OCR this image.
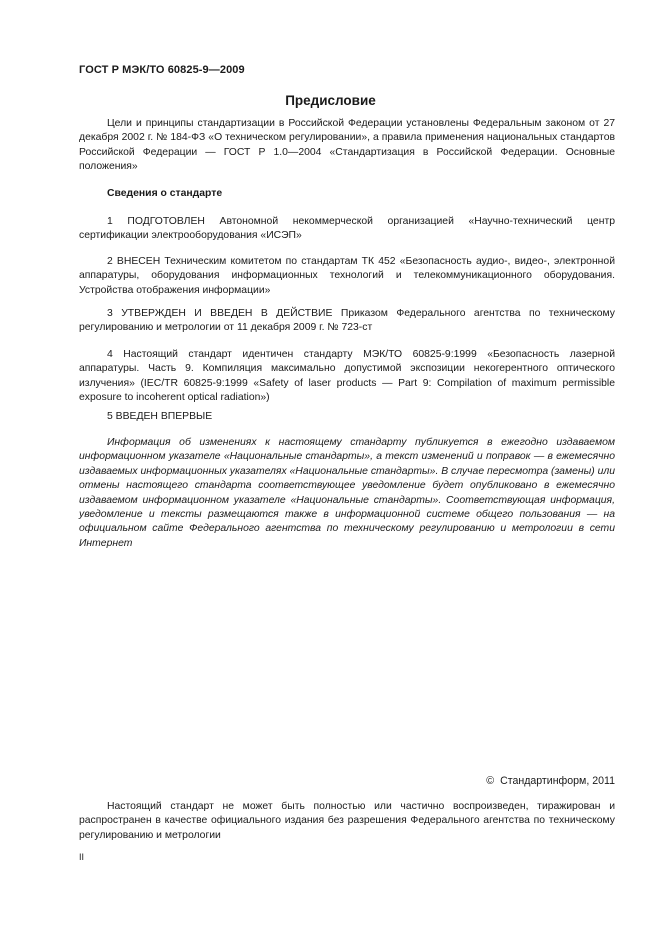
ГОСТ Р МЭК/ТО 60825-9—2009
Предисловие

Цели и принципы стандартизации в Российской Федерации установлены Федеральным законом от 27 декабря 2002 г. № 184-ФЗ «О техническом регулировании», а правила применения национальных стандартов Российской Федерации — ГОСТ Р 1.0—2004 «Стандартизация в Российской Федерации. Основные положения»

Сведения о стандарте

1 ПОДГОТОВЛЕН Автономной некоммерческой организацией «Научно-технический центр сертификации электрооборудования «ИСЭП»

2 ВНЕСЕН Техническим комитетом по стандартам ТК 452 «Безопасность аудио-, видео-, электронной аппаратуры, оборудования информационных технологий и телекоммуникационного оборудования. Устройства отображения информации»

3 УТВЕРЖДЕН И ВВЕДЕН В ДЕЙСТВИЕ Приказом Федерального агентства по техническому регулированию и метрологии от 11 декабря 2009 г. № 723-ст

4 Настоящий стандарт идентичен стандарту МЭК/ТО 60825-9:1999 «Безопасность лазерной аппаратуры. Часть 9. Компиляция максимально допустимой экспозиции некогерентного оптического излучения» (IEC/TR 60825-9:1999 «Safety of laser products — Part 9: Compilation of maximum permissible exposure to incoherent optical radiation»)

5 ВВЕДЕН ВПЕРВЫЕ

Информация об изменениях к настоящему стандарту публикуется в ежегодно издаваемом информационном указателе «Национальные стандарты», а текст изменений и поправок — в ежемесячно издаваемых информационных указателях «Национальные стандарты». В случае пересмотра (замены) или отмены настоящего стандарта соответствующее уведомление будет опубликовано в ежемесячно издаваемом информационном указателе «Национальные стандарты». Соответствующая информация, уведомление и тексты размещаются также в информационной системе общего пользования — на официальном сайте Федерального агентства по техническому регулированию и метрологии в сети Интернет

© Стандартинформ, 2011

Настоящий стандарт не может быть полностью или частично воспроизведен, тиражирован и распространен в качестве официального издания без разрешения Федерального агентства по техническому регулированию и метрологии

II
